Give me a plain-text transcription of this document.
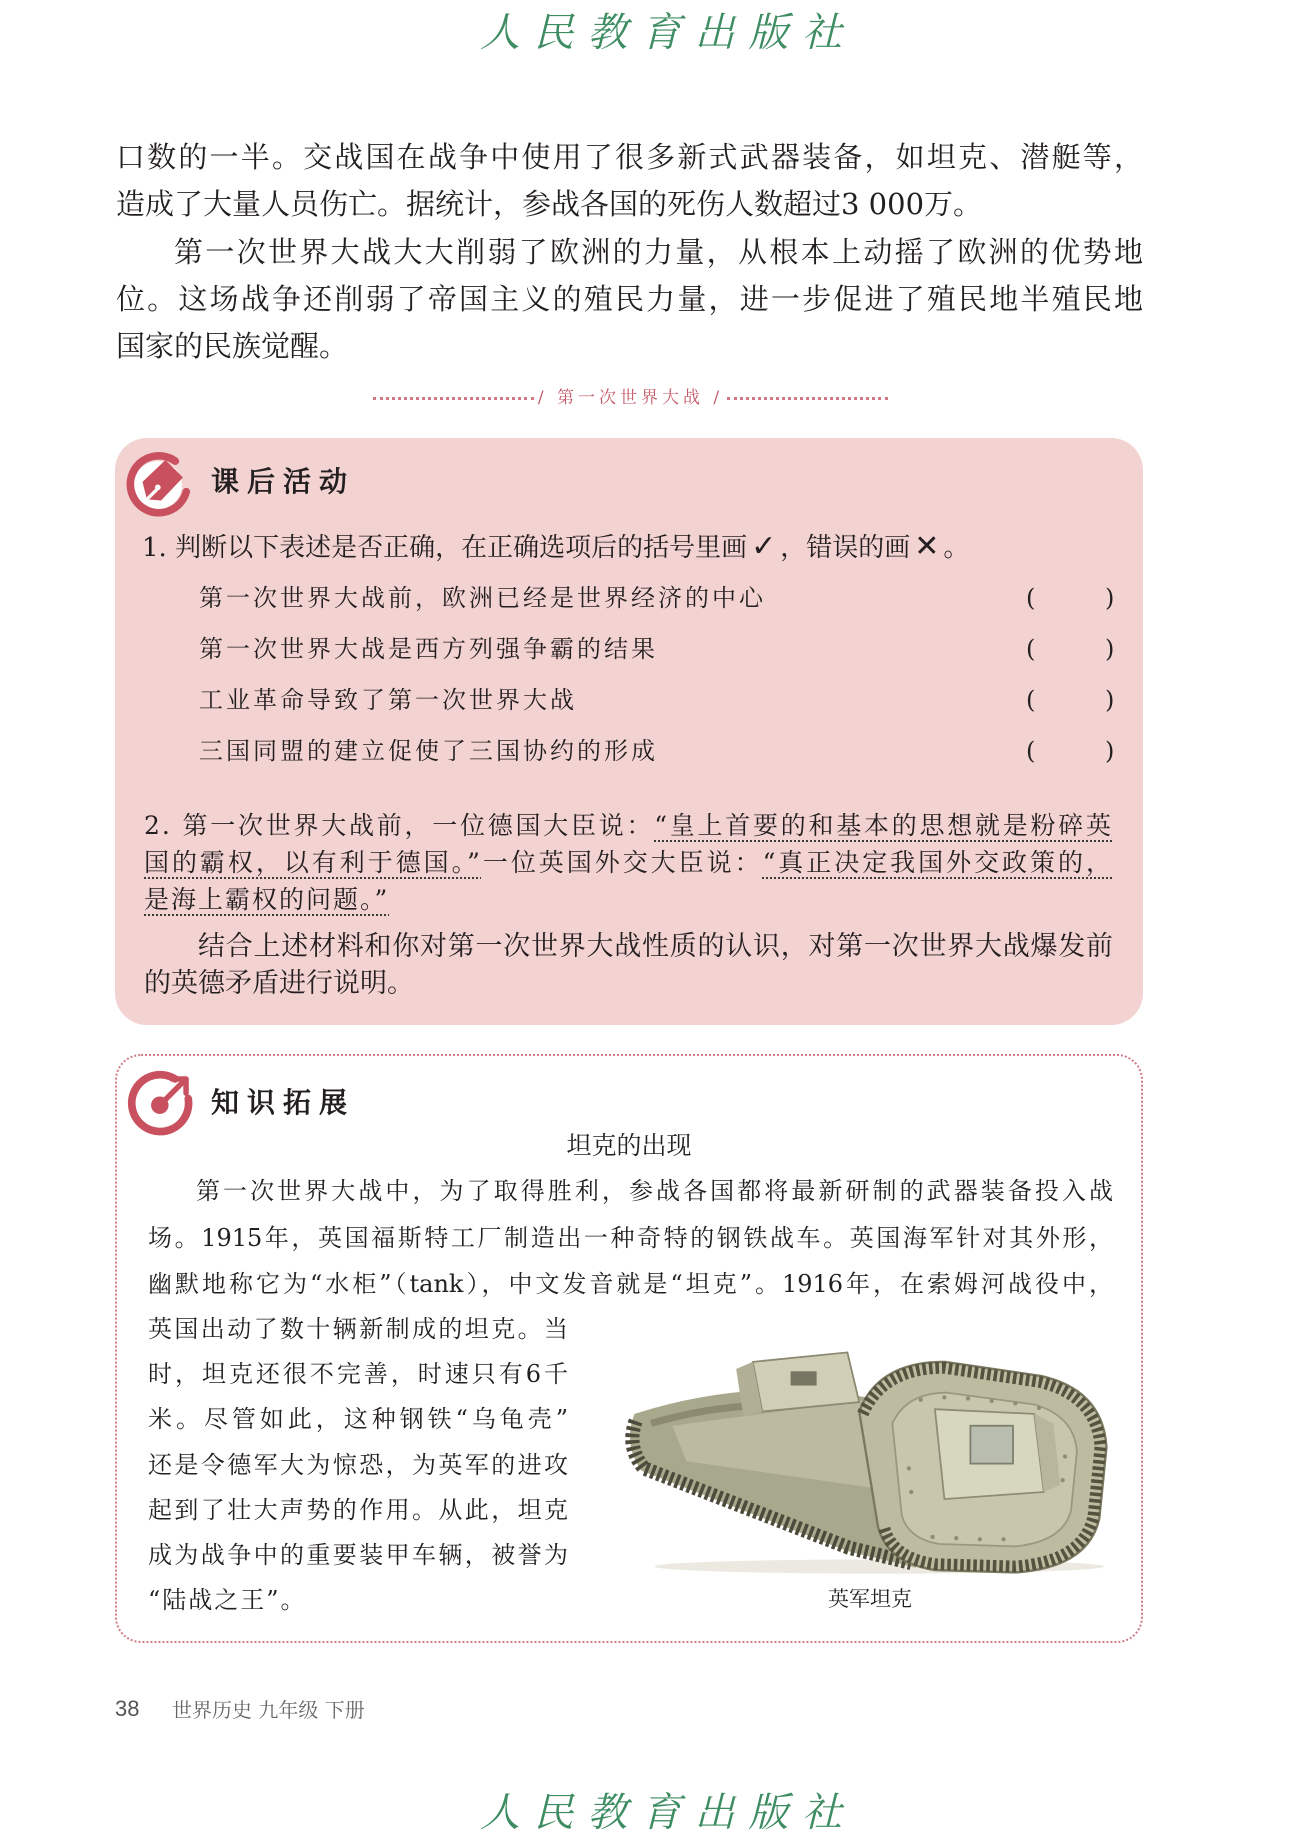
人民教育出版社
口数的一半。交战国在战争中使用了很多新式武器装备，如坦克、潜艇等，
造成了大量人员伤亡。据统计，参战各国的死伤人数超过3 000万。
第一次世界大战大大削弱了欧洲的力量，从根本上动摇了欧洲的优势地
位。这场战争还削弱了帝国主义的殖民力量，进一步促进了殖民地半殖民地
国家的民族觉醒。
/ 第一次世界大战 /
课后活动
1. 判断以下表述是否正确，在正确选项后的括号里画 ✓ ，错误的画 ✕ 。
第一次世界大战前，欧洲已经是世界经济的中心	(	)
第一次世界大战是西方列强争霸的结果	(	)
工业革命导致了第一次世界大战	(	)
三国同盟的建立促使了三国协约的形成	(	)
2. 第一次世界大战前，一位德国大臣说：“皇上首要的和基本的思想就是粉碎英
国的霸权，以有利于德国。”一位英国外交大臣说：“真正决定我国外交政策的，
是海上霸权的问题。”
结合上述材料和你对第一次世界大战性质的认识，对第一次世界大战爆发前
的英德矛盾进行说明。
知识拓展
坦克的出现
第一次世界大战中，为了取得胜利，参战各国都将最新研制的武器装备投入战
场。1915年，英国福斯特工厂制造出一种奇特的钢铁战车。英国海军针对其外形，
幽默地称它为“水柜”（tank），中文发音就是“坦克”。1916年，在索姆河战役中，
英国出动了数十辆新制成的坦克。当
时，坦克还很不完善，时速只有6千
米。尽管如此，这种钢铁“乌龟壳”
还是令德军大为惊恐，为英军的进攻
起到了壮大声势的作用。从此，坦克
成为战争中的重要装甲车辆，被誉为
“陆战之王”。	英军坦克
38 世界历史 九年级 下册
人民教育出版社
